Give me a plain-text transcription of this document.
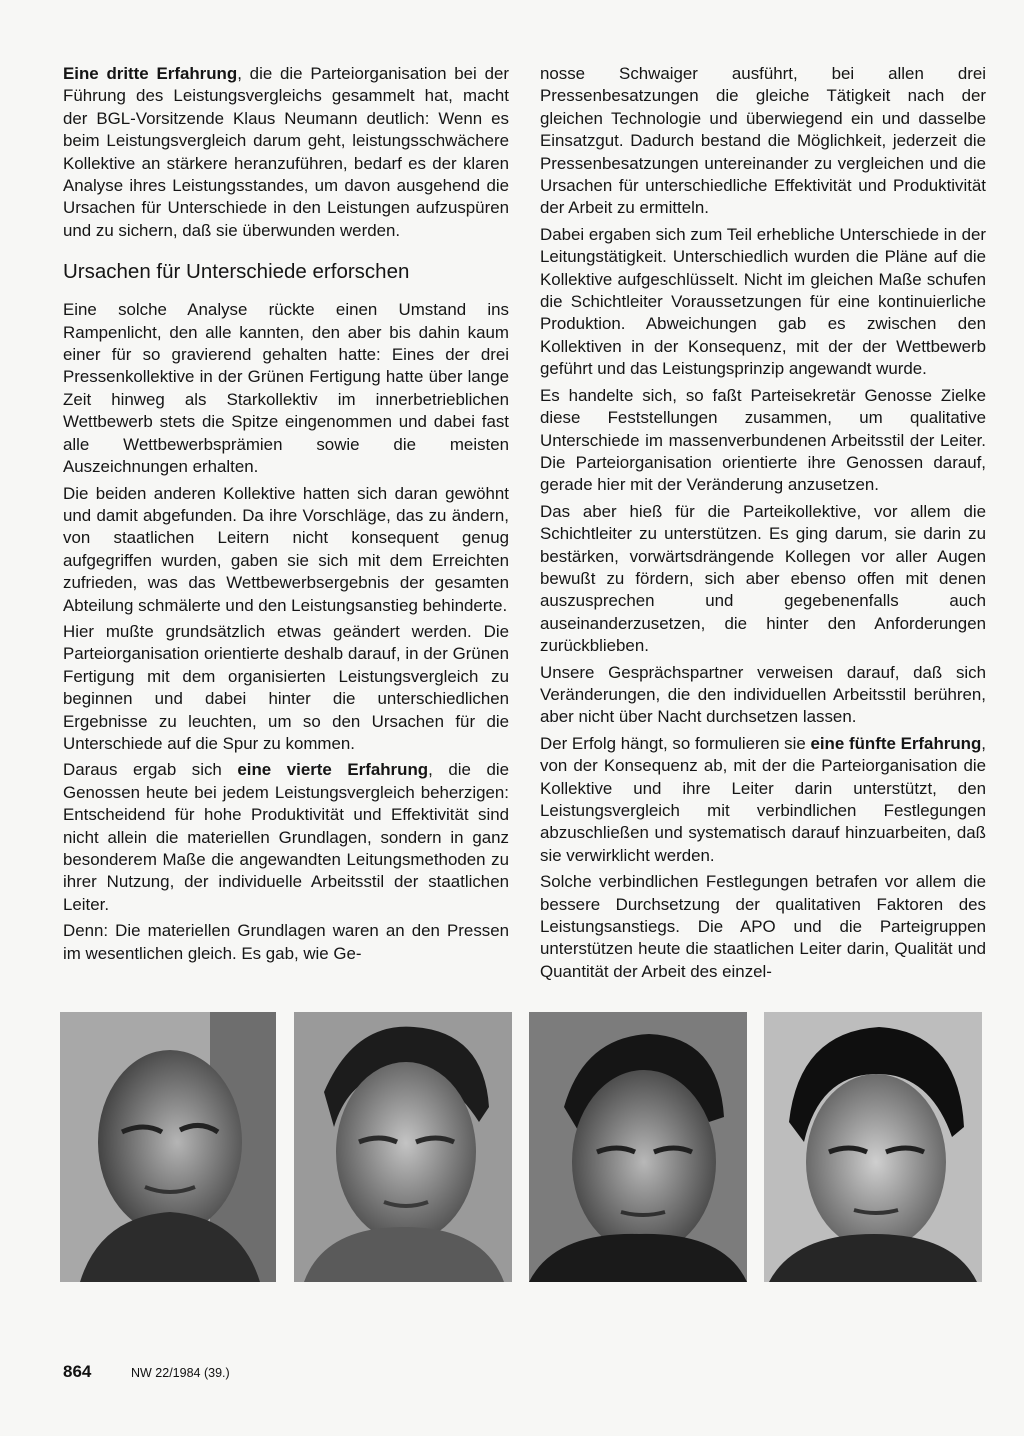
Eine dritte Erfahrung, die die Parteiorganisation bei der Führung des Leistungsvergleichs gesammelt hat, macht der BGL-Vorsitzende Klaus Neumann deutlich: Wenn es beim Leistungsvergleich darum geht, leistungsschwächere Kollektive an stärkere heranzuführen, bedarf es der klaren Analyse ihres Leistungsstandes, um davon ausgehend die Ursachen für Unterschiede in den Leistungen aufzuspüren und zu sichern, daß sie überwunden werden.

Ursachen für Unterschiede erforschen

Eine solche Analyse rückte einen Umstand ins Rampenlicht, den alle kannten, den aber bis dahin kaum einer für so gravierend gehalten hatte: Eines der drei Pressenkollektive in der Grünen Fertigung hatte über lange Zeit hinweg als Starkollektiv im innerbetrieblichen Wettbewerb stets die Spitze eingenommen und dabei fast alle Wettbewerbsprämien sowie die meisten Auszeichnungen erhalten.

Die beiden anderen Kollektive hatten sich daran gewöhnt und damit abgefunden. Da ihre Vorschläge, das zu ändern, von staatlichen Leitern nicht konsequent genug aufgegriffen wurden, gaben sie sich mit dem Erreichten zufrieden, was das Wettbewerbsergebnis der gesamten Abteilung schmälerte und den Leistungsanstieg behinderte.

Hier mußte grundsätzlich etwas geändert werden. Die Parteiorganisation orientierte deshalb darauf, in der Grünen Fertigung mit dem organisierten Leistungsvergleich zu beginnen und dabei hinter die unterschiedlichen Ergebnisse zu leuchten, um so den Ursachen für die Unterschiede auf die Spur zu kommen.

Daraus ergab sich eine vierte Erfahrung, die die Genossen heute bei jedem Leistungsvergleich beherzigen: Entscheidend für hohe Produktivität und Effektivität sind nicht allein die materiellen Grundlagen, sondern in ganz besonderem Maße die angewandten Leitungsmethoden zu ihrer Nutzung, der individuelle Arbeitsstil der staatlichen Leiter.

Denn: Die materiellen Grundlagen waren an den Pressen im wesentlichen gleich. Es gab, wie Ge-

nosse Schwaiger ausführt, bei allen drei Pressenbesatzungen die gleiche Tätigkeit nach der gleichen Technologie und überwiegend ein und dasselbe Einsatzgut. Dadurch bestand die Möglichkeit, jederzeit die Pressenbesatzungen untereinander zu vergleichen und die Ursachen für unterschiedliche Effektivität und Produktivität der Arbeit zu ermitteln.

Dabei ergaben sich zum Teil erhebliche Unterschiede in der Leitungstätigkeit. Unterschiedlich wurden die Pläne auf die Kollektive aufgeschlüsselt. Nicht im gleichen Maße schufen die Schichtleiter Voraussetzungen für eine kontinuierliche Produktion. Abweichungen gab es zwischen den Kollektiven in der Konsequenz, mit der der Wettbewerb geführt und das Leistungsprinzip angewandt wurde.

Es handelte sich, so faßt Parteisekretär Genosse Zielke diese Feststellungen zusammen, um qualitative Unterschiede im massenverbundenen Arbeitsstil der Leiter. Die Parteiorganisation orientierte ihre Genossen darauf, gerade hier mit der Veränderung anzusetzen.

Das aber hieß für die Parteikollektive, vor allem die Schichtleiter zu unterstützen. Es ging darum, sie darin zu bestärken, vorwärtsdrängende Kollegen vor aller Augen bewußt zu fördern, sich aber ebenso offen mit denen auszusprechen und gegebenenfalls auch auseinanderzusetzen, die hinter den Anforderungen zurückblieben.

Unsere Gesprächspartner verweisen darauf, daß sich Veränderungen, die den individuellen Arbeitsstil berühren, aber nicht über Nacht durchsetzen lassen.

Der Erfolg hängt, so formulieren sie eine fünfte Erfahrung, von der Konsequenz ab, mit der die Parteiorganisation die Kollektive und ihre Leiter darin unterstützt, den Leistungsvergleich mit verbindlichen Festlegungen abzuschließen und systematisch darauf hinzuarbeiten, daß sie verwirklicht werden.

Solche verbindlichen Festlegungen betrafen vor allem die bessere Durchsetzung der qualitativen Faktoren des Leistungsanstiegs. Die APO und die Parteigruppen unterstützen heute die staatlichen Leiter darin, Qualität und Quantität der Arbeit des einzel-

864	NW 22/1984 (39.)
